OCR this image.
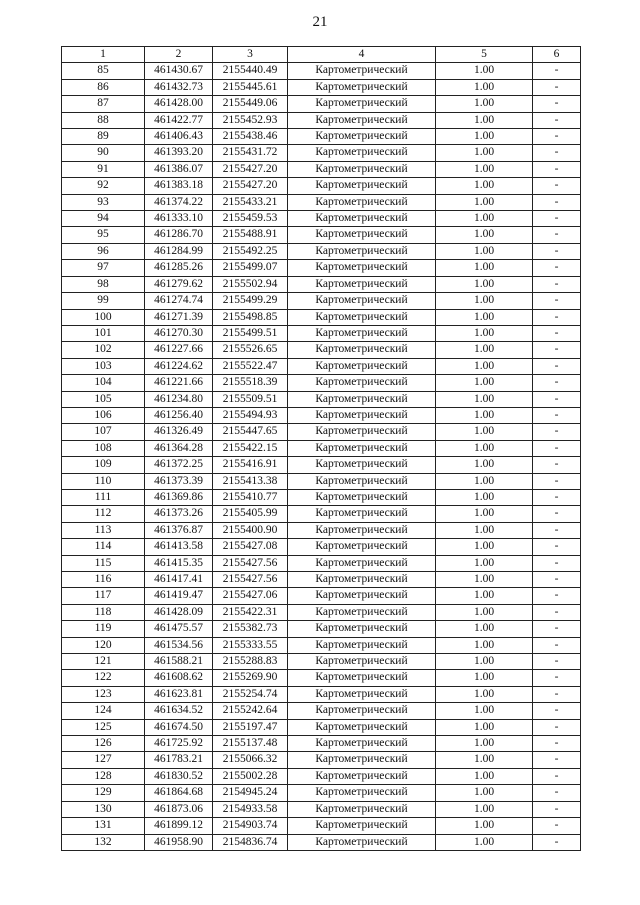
21
1	2	3	4	5	6
85	461430.67	2155440.49	Картометрический	1.00	-
86	461432.73	2155445.61	Картометрический	1.00	-
87	461428.00	2155449.06	Картометрический	1.00	-
88	461422.77	2155452.93	Картометрический	1.00	-
89	461406.43	2155438.46	Картометрический	1.00	-
90	461393.20	2155431.72	Картометрический	1.00	-
91	461386.07	2155427.20	Картометрический	1.00	-
92	461383.18	2155427.20	Картометрический	1.00	-
93	461374.22	2155433.21	Картометрический	1.00	-
94	461333.10	2155459.53	Картометрический	1.00	-
95	461286.70	2155488.91	Картометрический	1.00	-
96	461284.99	2155492.25	Картометрический	1.00	-
97	461285.26	2155499.07	Картометрический	1.00	-
98	461279.62	2155502.94	Картометрический	1.00	-
99	461274.74	2155499.29	Картометрический	1.00	-
100	461271.39	2155498.85	Картометрический	1.00	-
101	461270.30	2155499.51	Картометрический	1.00	-
102	461227.66	2155526.65	Картометрический	1.00	-
103	461224.62	2155522.47	Картометрический	1.00	-
104	461221.66	2155518.39	Картометрический	1.00	-
105	461234.80	2155509.51	Картометрический	1.00	-
106	461256.40	2155494.93	Картометрический	1.00	-
107	461326.49	2155447.65	Картометрический	1.00	-
108	461364.28	2155422.15	Картометрический	1.00	-
109	461372.25	2155416.91	Картометрический	1.00	-
110	461373.39	2155413.38	Картометрический	1.00	-
111	461369.86	2155410.77	Картометрический	1.00	-
112	461373.26	2155405.99	Картометрический	1.00	-
113	461376.87	2155400.90	Картометрический	1.00	-
114	461413.58	2155427.08	Картометрический	1.00	-
115	461415.35	2155427.56	Картометрический	1.00	-
116	461417.41	2155427.56	Картометрический	1.00	-
117	461419.47	2155427.06	Картометрический	1.00	-
118	461428.09	2155422.31	Картометрический	1.00	-
119	461475.57	2155382.73	Картометрический	1.00	-
120	461534.56	2155333.55	Картометрический	1.00	-
121	461588.21	2155288.83	Картометрический	1.00	-
122	461608.62	2155269.90	Картометрический	1.00	-
123	461623.81	2155254.74	Картометрический	1.00	-
124	461634.52	2155242.64	Картометрический	1.00	-
125	461674.50	2155197.47	Картометрический	1.00	-
126	461725.92	2155137.48	Картометрический	1.00	-
127	461783.21	2155066.32	Картометрический	1.00	-
128	461830.52	2155002.28	Картометрический	1.00	-
129	461864.68	2154945.24	Картометрический	1.00	-
130	461873.06	2154933.58	Картометрический	1.00	-
131	461899.12	2154903.74	Картометрический	1.00	-
132	461958.90	2154836.74	Картометрический	1.00	-
